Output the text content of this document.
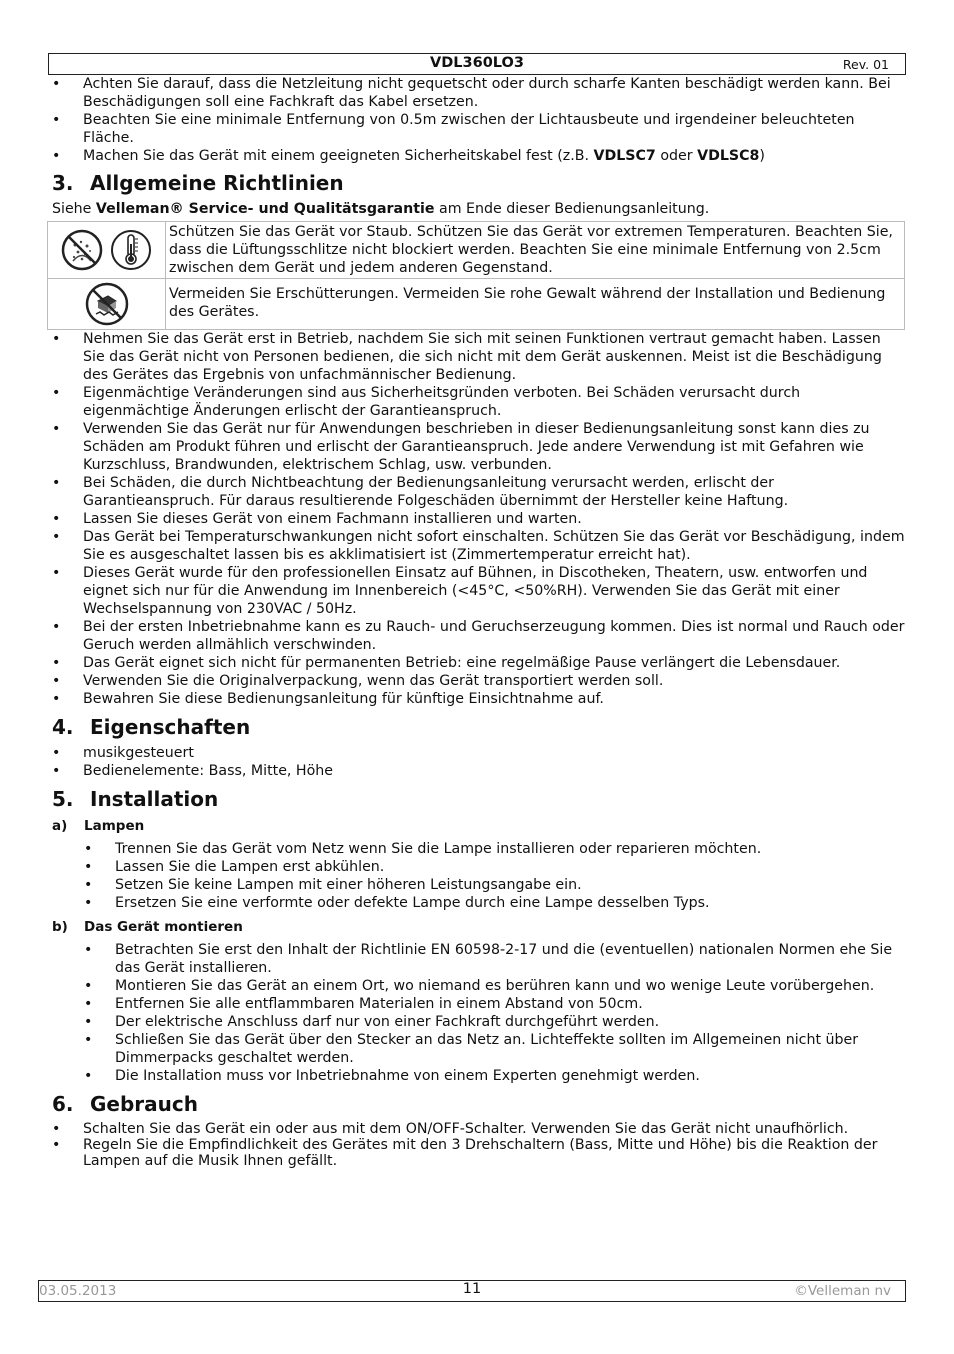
VDL360LO3	Rev. 01
• Achten Sie darauf, dass die Netzleitung nicht gequetscht oder durch scharfe Kanten beschädigt werden kann. Bei Beschädigungen soll eine Fachkraft das Kabel ersetzen.
• Beachten Sie eine minimale Entfernung von 0.5m zwischen der Lichtausbeute und irgendeiner beleuchteten Fläche.
• Machen Sie das Gerät mit einem geeigneten Sicherheitskabel fest (z.B. VDLSC7 oder VDLSC8)
3. Allgemeine Richtlinien

Siehe Velleman® Service- und Qualitätsgarantie am Ende dieser Bedienungsanleitung.

	Schützen Sie das Gerät vor Staub. Schützen Sie das Gerät vor extremen Temperaturen. Beachten Sie, dass die Lüftungsschlitze nicht blockiert werden. Beachten Sie eine minimale Entfernung von 2.5cm zwischen dem Gerät und jedem anderen Gegenstand.
	Vermeiden Sie Erschütterungen. Vermeiden Sie rohe Gewalt während der Installation und Bedienung des Gerätes.
• Nehmen Sie das Gerät erst in Betrieb, nachdem Sie sich mit seinen Funktionen vertraut gemacht haben. Lassen Sie das Gerät nicht von Personen bedienen, die sich nicht mit dem Gerät auskennen. Meist ist die Beschädigung des Gerätes das Ergebnis von unfachmännischer Bedienung.
• Eigenmächtige Veränderungen sind aus Sicherheitsgründen verboten. Bei Schäden verursacht durch eigenmächtige Änderungen erlischt der Garantieanspruch.
• Verwenden Sie das Gerät nur für Anwendungen beschrieben in dieser Bedienungsanleitung sonst kann dies zu Schäden am Produkt führen und erlischt der Garantieanspruch. Jede andere Verwendung ist mit Gefahren wie Kurzschluss, Brandwunden, elektrischem Schlag, usw. verbunden.
• Bei Schäden, die durch Nichtbeachtung der Bedienungsanleitung verursacht werden, erlischt der Garantieanspruch. Für daraus resultierende Folgeschäden übernimmt der Hersteller keine Haftung.
• Lassen Sie dieses Gerät von einem Fachmann installieren und warten.
• Das Gerät bei Temperaturschwankungen nicht sofort einschalten. Schützen Sie das Gerät vor Beschädigung, indem Sie es ausgeschaltet lassen bis es akklimatisiert ist (Zimmertemperatur erreicht hat).
• Dieses Gerät wurde für den professionellen Einsatz auf Bühnen, in Discotheken, Theatern, usw. entworfen und eignet sich nur für die Anwendung im Innenbereich (<45°C, <50%RH). Verwenden Sie das Gerät mit einer Wechselspannung von 230VAC / 50Hz.
• Bei der ersten Inbetriebnahme kann es zu Rauch- und Geruchserzeugung kommen. Dies ist normal und Rauch oder Geruch werden allmählich verschwinden.
• Das Gerät eignet sich nicht für permanenten Betrieb: eine regelmäßige Pause verlängert die Lebensdauer.
• Verwenden Sie die Originalverpackung, wenn das Gerät transportiert werden soll.
• Bewahren Sie diese Bedienungsanleitung für künftige Einsichtnahme auf.
4. Eigenschaften
• musikgesteuert
• Bedienelemente: Bass, Mitte, Höhe
5. Installation
a) Lampen
• Trennen Sie das Gerät vom Netz wenn Sie die Lampe installieren oder reparieren möchten.
• Lassen Sie die Lampen erst abkühlen.
• Setzen Sie keine Lampen mit einer höheren Leistungsangabe ein.
• Ersetzen Sie eine verformte oder defekte Lampe durch eine Lampe desselben Typs.
b) Das Gerät montieren
• Betrachten Sie erst den Inhalt der Richtlinie EN 60598-2-17 und die (eventuellen) nationalen Normen ehe Sie das Gerät installieren.
• Montieren Sie das Gerät an einem Ort, wo niemand es berühren kann und wo wenige Leute vorübergehen.
• Entfernen Sie alle entflammbaren Materialen in einem Abstand von 50cm.
• Der elektrische Anschluss darf nur von einer Fachkraft durchgeführt werden.
• Schließen Sie das Gerät über den Stecker an das Netz an. Lichteffekte sollten im Allgemeinen nicht über Dimmerpacks geschaltet werden.
• Die Installation muss vor Inbetriebnahme von einem Experten genehmigt werden.
6. Gebrauch
• Schalten Sie das Gerät ein oder aus mit dem ON/OFF-Schalter. Verwenden Sie das Gerät nicht unaufhörlich.
• Regeln Sie die Empfindlichkeit des Gerätes mit den 3 Drehschaltern (Bass, Mitte und Höhe) bis die Reaktion der Lampen auf die Musik Ihnen gefällt.
03.05.2013	11	©Velleman nv
